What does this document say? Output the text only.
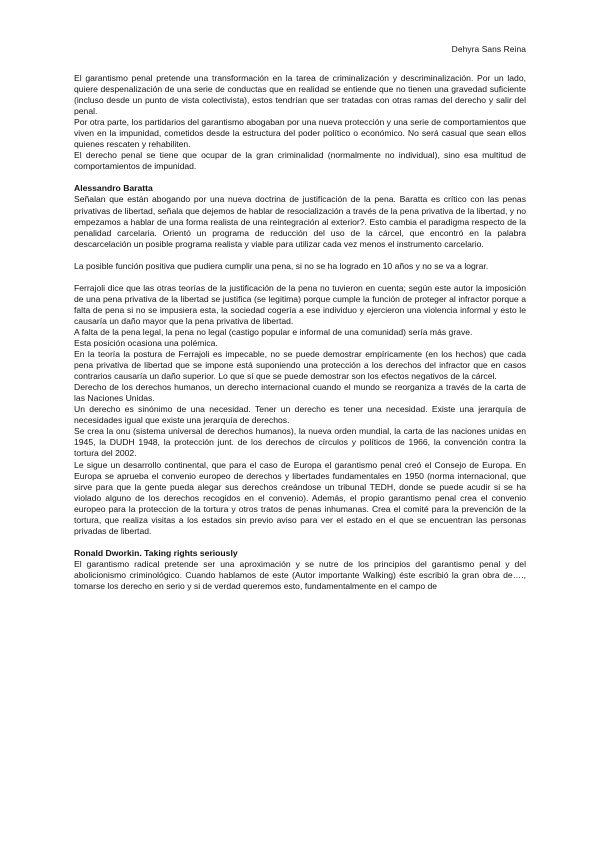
Dehyra Sans Reina

El garantismo penal pretende una transformación en la tarea de criminalización y descriminalización. Por un lado, quiere despenalización de una serie de conductas que en realidad se entiende que no tienen una gravedad suficiente (incluso desde un punto de vista colectivista), estos tendrían que ser tratadas con otras ramas del derecho y salir del penal.

Por otra parte, los partidarios del garantismo abogaban por una nueva protección y una serie de comportamientos que viven en la impunidad, cometidos desde la estructura del poder político o económico. No será casual que sean ellos quienes rescaten y rehabiliten.

El derecho penal se tiene que ocupar de la gran criminalidad (normalmente no individual), sino esa multitud de comportamientos de impunidad.

Alessandro Baratta

Señalan que están abogando por una nueva doctrina de justificación de la pena. Baratta es crítico con las penas privativas de libertad, señala que dejemos de hablar de resocialización a través de la pena privativa de la libertad, y no empezamos a hablar de una forma realista de una reintegración al exterior?. Esto cambia el paradigma respecto de la penalidad carcelaria. Orientó un programa de reducción del uso de la cárcel, que encontró en la palabra descarcelación un posible programa realista y viable para utilizar cada vez menos el instrumento carcelario.

La posible función positiva que pudiera cumplir una pena, si no se ha logrado en 10 años y no se va a lograr.

Ferrajoli dice que las otras teorías de la justificación de la pena no tuvieron en cuenta; según este autor la imposición de una pena privativa de la libertad se justifica (se legitima) porque cumple la función de proteger al infractor porque a falta de pena si no se impusiera esta, la sociedad cogería a ese individuo y ejercieron una violencia informal y esto le causaría un daño mayor que la pena privativa de libertad.

A falta de la pena legal, la pena no legal (castigo popular e informal de una comunidad) sería más grave.

Esta posición ocasiona una polémica.

En la teoría la postura de Ferrajoli es impecable, no se puede demostrar empíricamente (en los hechos) que cada pena privativa de libertad que se impone está suponiendo una protección a los derechos del infractor que en casos contrarios causaría un daño superior. Lo que sí que se puede demostrar son los efectos negativos de la cárcel.

Derecho de los derechos humanos, un derecho internacional cuando el mundo se reorganiza a través de la carta de las Naciones Unidas.

Un derecho es sinónimo de una necesidad. Tener un derecho es tener una necesidad. Existe una jerarquía de necesidades igual que existe una jerarquía de derechos.

Se crea la onu (sistema universal de derechos humanos), la nueva orden mundial, la carta de las naciones unidas en 1945, la DUDH 1948, la protección junt. de los derechos de círculos y políticos de 1966, la convención contra la tortura del 2002.

Le sigue un desarrollo continental, que para el caso de Europa el garantismo penal creó el Consejo de Europa. En Europa se aprueba el convenio europeo de derechos y libertades fundamentales en 1950 (norma internacional, que sirve para que la gente pueda alegar sus derechos creándose un tribunal TEDH, donde se puede acudir si se ha violado alguno de los derechos recogidos en el convenio). Además, el propio garantismo penal crea el convenio europeo para la proteccion de la tortura y otros tratos de penas inhumanas. Crea el comité para la prevención de la tortura, que realiza visitas a los estados sin previo aviso para ver el estado en el que se encuentran las personas privadas de libertad.

Ronald Dworkin. Taking rights seriously

El garantismo radical pretende ser una aproximación y se nutre de los principios del garantismo penal y del abolicionismo criminológico. Cuando hablamos de este (Autor importante Walking) éste escribió la gran obra de…., tomarse los derecho en serio y si de verdad queremos esto, fundamentalmente en el campo de
